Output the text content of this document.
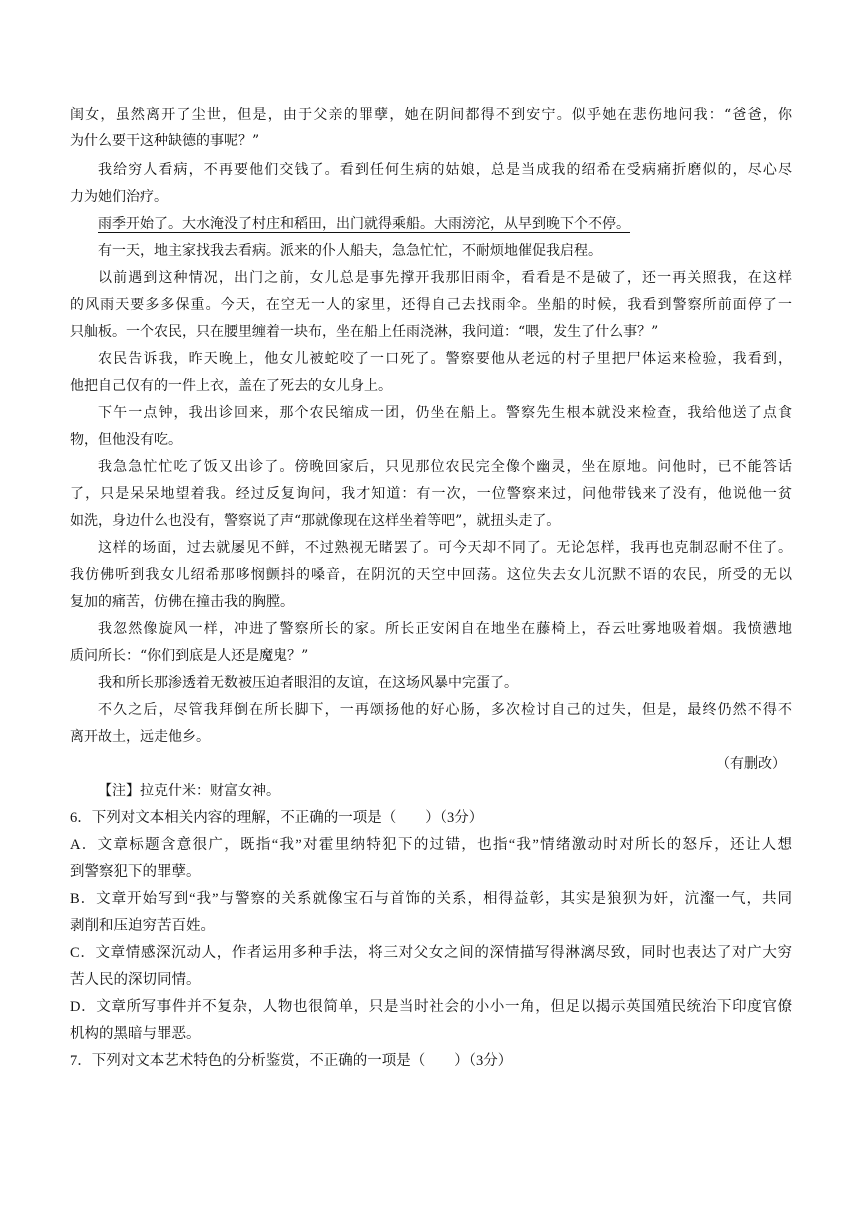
闺女，虽然离开了尘世，但是，由于父亲的罪孽，她在阴间都得不到安宁。似乎她在悲伤地问我：“爸爸，你
为什么要干这种缺德的事呢？”
我给穷人看病，不再要他们交钱了。看到任何生病的姑娘，总是当成我的绍希在受病痛折磨似的，尽心尽
力为她们治疗。
雨季开始了。大水淹没了村庄和稻田，出门就得乘船。大雨滂沱，从早到晚下个不停。
有一天，地主家找我去看病。派来的仆人船夫，急急忙忙，不耐烦地催促我启程。
以前遇到这种情况，出门之前，女儿总是事先撑开我那旧雨伞，看看是不是破了，还一再关照我，在这样
的风雨天要多多保重。今天，在空无一人的家里，还得自己去找雨伞。坐船的时候，我看到警察所前面停了一
只舢板。一个农民，只在腰里缠着一块布，坐在船上任雨浇淋，我问道：“喂，发生了什么事？”
农民告诉我，昨天晚上，他女儿被蛇咬了一口死了。警察要他从老远的村子里把尸体运来检验，我看到，
他把自己仅有的一件上衣，盖在了死去的女儿身上。
下午一点钟，我出诊回来，那个农民缩成一团，仍坐在船上。警察先生根本就没来检查，我给他送了点食
物，但他没有吃。
我急急忙忙吃了饭又出诊了。傍晚回家后，只见那位农民完全像个幽灵，坐在原地。问他时，已不能答话
了，只是呆呆地望着我。经过反复询问，我才知道：有一次，一位警察来过，问他带钱来了没有，他说他一贫
如洗，身边什么也没有，警察说了声“那就像现在这样坐着等吧”，就扭头走了。
这样的场面，过去就屡见不鲜，不过熟视无睹罢了。可今天却不同了。无论怎样，我再也克制忍耐不住了。
我仿佛听到我女儿绍希那哆悯颤抖的嗓音，在阴沉的天空中回荡。这位失去女儿沉默不语的农民，所受的无以
复加的痛苦，仿佛在撞击我的胸膛。
我忽然像旋风一样，冲进了警察所长的家。所长正安闲自在地坐在藤椅上，吞云吐雾地吸着烟。我愤懑地
质问所长：“你们到底是人还是魔鬼？”
我和所长那渗透着无数被压迫者眼泪的友谊，在这场风暴中完蛋了。
不久之后，尽管我拜倒在所长脚下，一再颂扬他的好心肠，多次检讨自己的过失，但是，最终仍然不得不
离开故土，远走他乡。
（有删改）
【注】拉克什米：财富女神。
6．下列对文本相关内容的理解，不正确的一项是（　　）（3分）
A．文章标题含意很广，既指“我”对霍里纳特犯下的过错，也指“我”情绪激动时对所长的怒斥，还让人想
到警察犯下的罪孽。
B．文章开始写到“我”与警察的关系就像宝石与首饰的关系，相得益彰，其实是狼狈为奸，沆瀣一气，共同
剥削和压迫穷苦百姓。
C．文章情感深沉动人，作者运用多种手法，将三对父女之间的深情描写得淋漓尽致，同时也表达了对广大穷
苦人民的深切同情。
D．文章所写事件并不复杂，人物也很简单，只是当时社会的小小一角，但足以揭示英国殖民统治下印度官僚
机构的黑暗与罪恶。
7．下列对文本艺术特色的分析鉴赏，不正确的一项是（　　）（3分）
